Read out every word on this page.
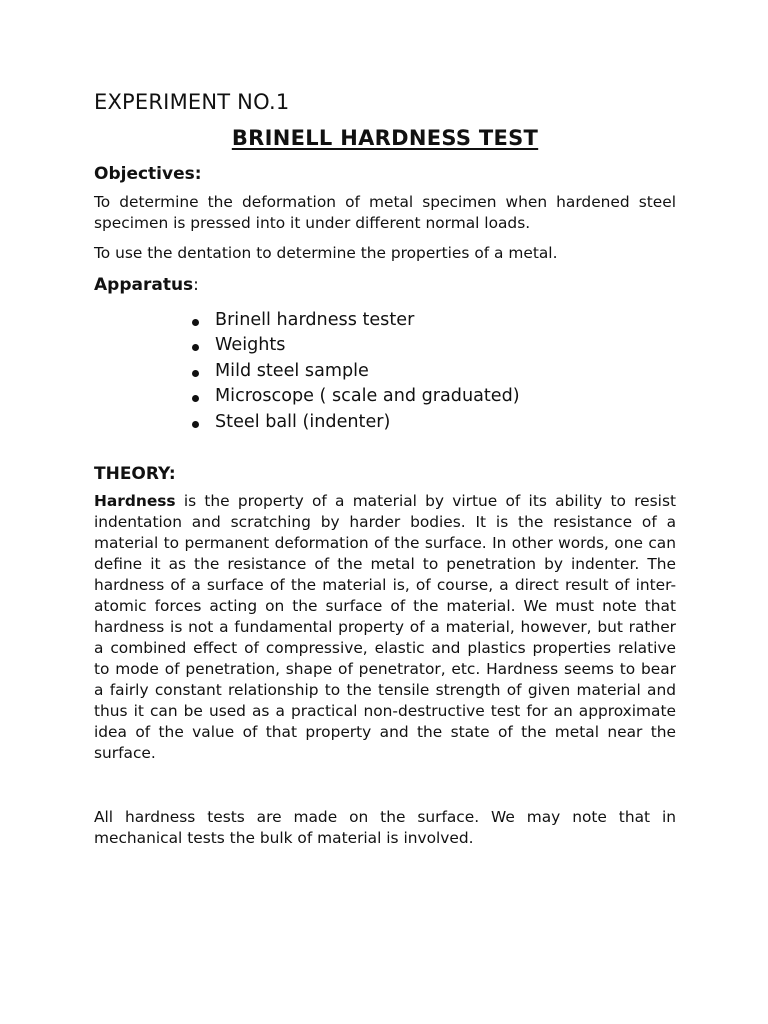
EXPERIMENT NO.1
BRINELL HARDNESS TEST
Objectives:

To determine the deformation of metal specimen when hardened steel specimen is pressed into it under different normal loads.

To use the dentation to determine the properties of a metal.

Apparatus:
Brinell hardness tester
Weights
Mild steel sample
Microscope ( scale and graduated)
Steel ball (indenter)
THEORY:

Hardness is the property of a material by virtue of its ability to resist indentation and scratching by harder bodies. It is the resistance of a material to permanent deformation of the surface. In other words, one can define it as the resistance of the metal to penetration by indenter. The hardness of a surface of the material is, of course, a direct result of inter-atomic forces acting on the surface of the material. We must note that hardness is not a fundamental property of a material, however, but rather a combined effect of compressive, elastic and plastics properties relative to mode of penetration, shape of penetrator, etc. Hardness seems to bear a fairly constant relationship to the tensile strength of given material and thus it can be used as a practical non-destructive test for an approximate idea of the value of that property and the state of the metal near the surface.

All hardness tests are made on the surface. We may note that in mechanical tests the bulk of material is involved.
